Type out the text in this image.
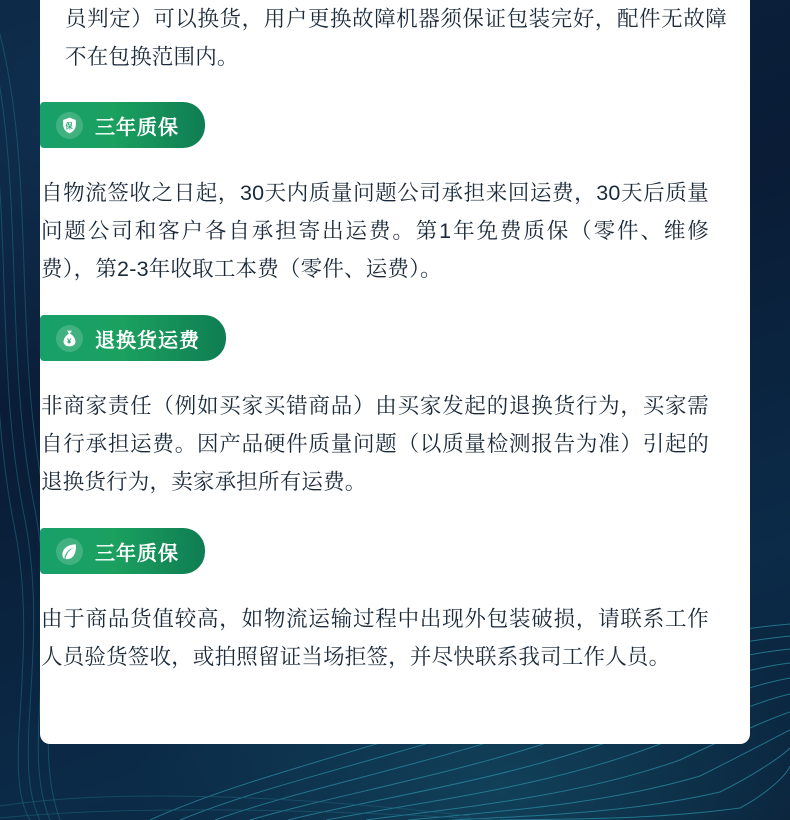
员判定）可以换货，用户更换故障机器须保证包装完好，配件无故障不在包换范围内。

保 三年质保

自物流签收之日起，30天内质量问题公司承担来回运费，30天后质量问题公司和客户各自承担寄出运费。第1年免费质保（零件、维修费），第2-3年收取工本费（零件、运费）。

¥ 退换货运费

非商家责任（例如买家买错商品）由买家发起的退换货行为，买家需自行承担运费。因产品硬件质量问题（以质量检测报告为准）引起的退换货行为，卖家承担所有运费。

三年质保

由于商品货值较高，如物流运输过程中出现外包装破损，请联系工作人员验货签收，或拍照留证当场拒签，并尽快联系我司工作人员。
